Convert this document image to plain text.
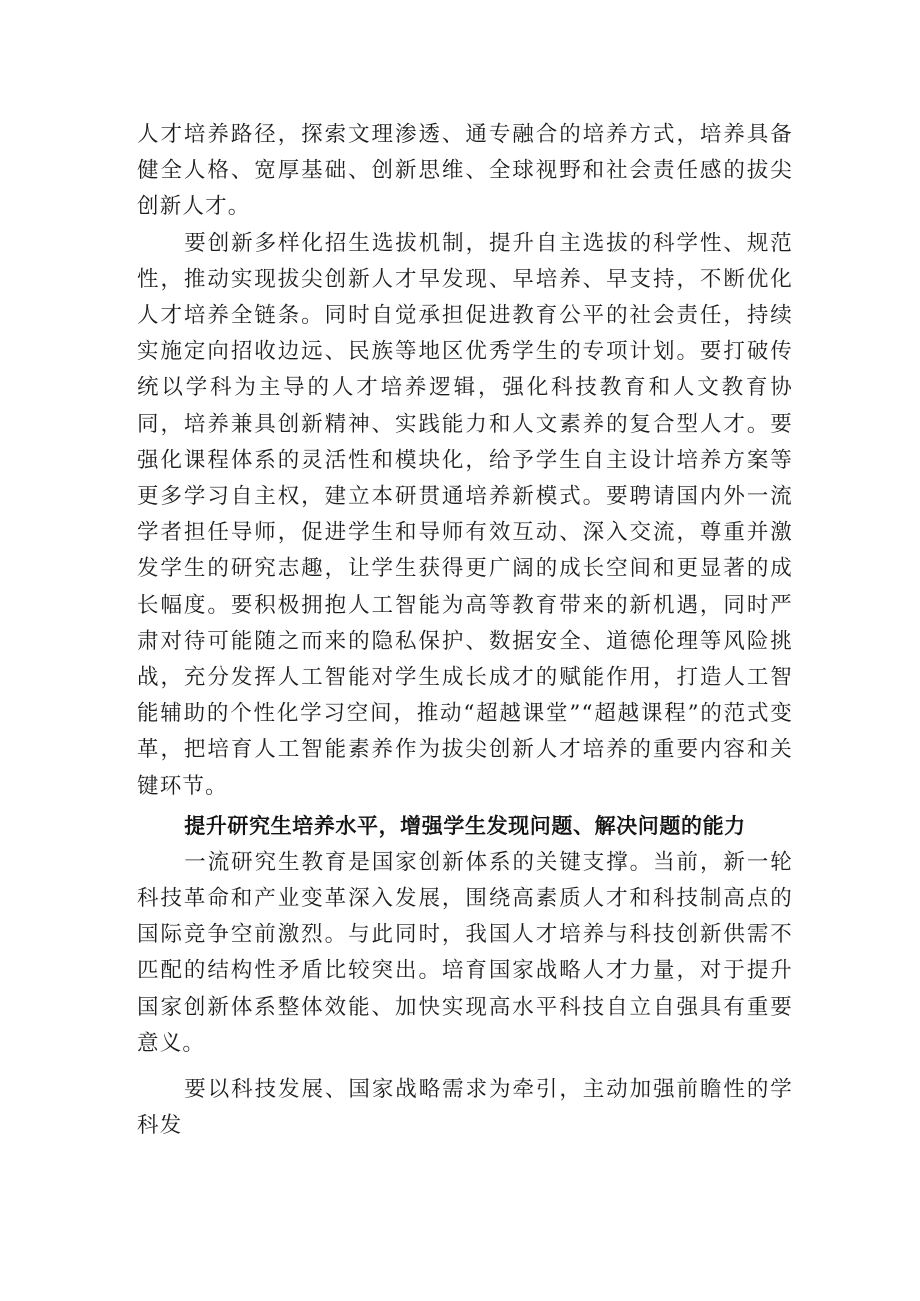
人才培养路径，探索文理渗透、通专融合的培养方式，培养具备健全人格、宽厚基础、创新思维、全球视野和社会责任感的拔尖创新人才。

要创新多样化招生选拔机制，提升自主选拔的科学性、规范性，推动实现拔尖创新人才早发现、早培养、早支持，不断优化人才培养全链条。同时自觉承担促进教育公平的社会责任，持续实施定向招收边远、民族等地区优秀学生的专项计划。要打破传统以学科为主导的人才培养逻辑，强化科技教育和人文教育协同，培养兼具创新精神、实践能力和人文素养的复合型人才。要强化课程体系的灵活性和模块化，给予学生自主设计培养方案等更多学习自主权，建立本研贯通培养新模式。要聘请国内外一流学者担任导师，促进学生和导师有效互动、深入交流，尊重并激发学生的研究志趣，让学生获得更广阔的成长空间和更显著的成长幅度。要积极拥抱人工智能为高等教育带来的新机遇，同时严肃对待可能随之而来的隐私保护、数据安全、道德伦理等风险挑战，充分发挥人工智能对学生成长成才的赋能作用，打造人工智能辅助的个性化学习空间，推动“超越课堂”“超越课程”的范式变革，把培育人工智能素养作为拔尖创新人才培养的重要内容和关键环节。

提升研究生培养水平，增强学生发现问题、解决问题的能力

一流研究生教育是国家创新体系的关键支撑。当前，新一轮科技革命和产业变革深入发展，围绕高素质人才和科技制高点的国际竞争空前激烈。与此同时，我国人才培养与科技创新供需不匹配的结构性矛盾比较突出。培育国家战略人才力量，对于提升国家创新体系整体效能、加快实现高水平科技自立自强具有重要意义。

要以科技发展、国家战略需求为牵引，主动加强前瞻性的学科发
